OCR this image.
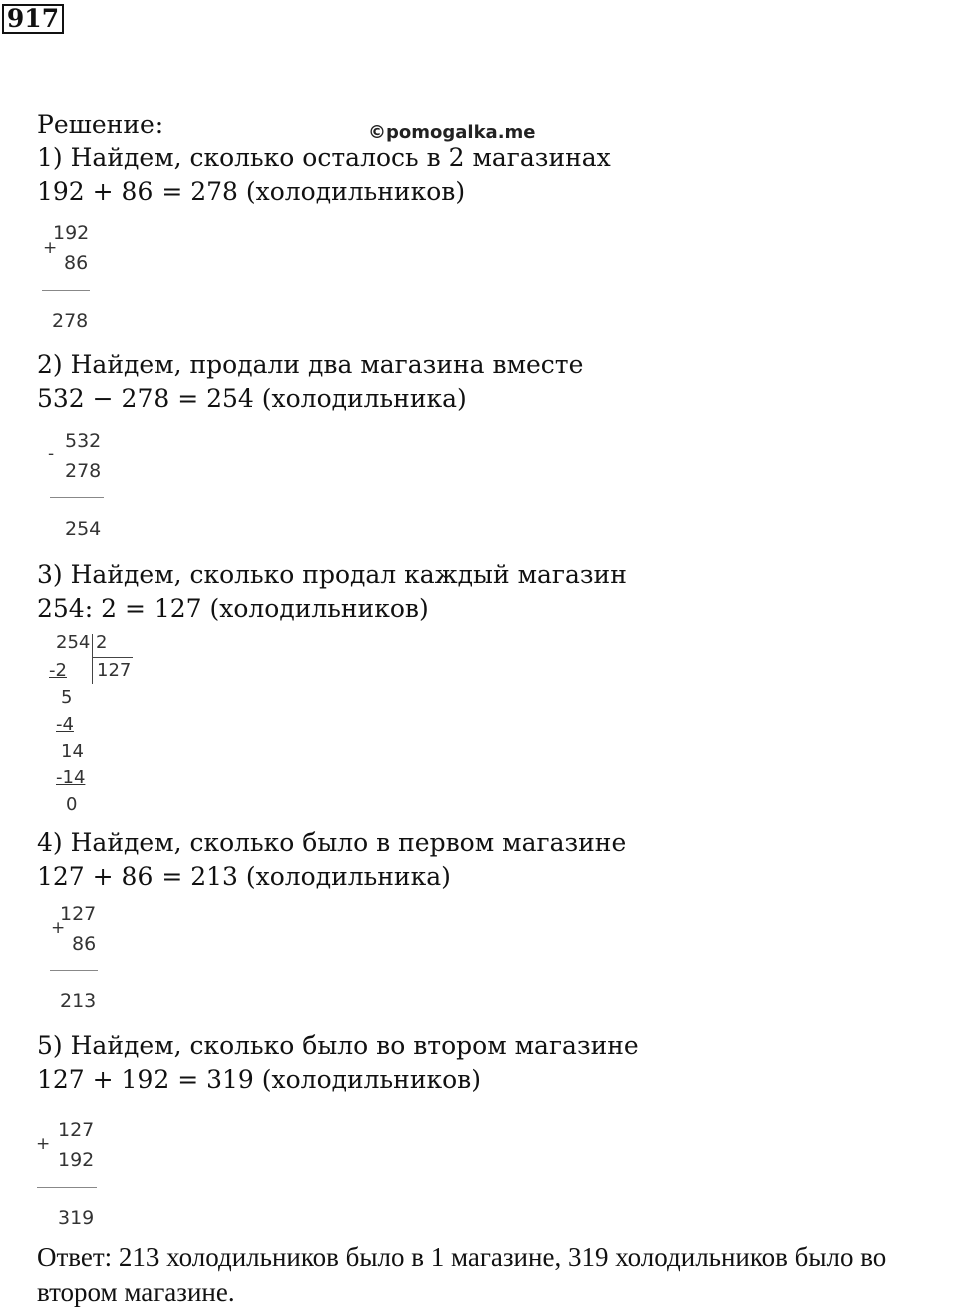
917
Решение:	©pomogalka.me
1) Найдем, сколько осталось в 2 магазинах
192 + 86 = 278 (холодильников)
+
192
86
278
2) Найдем, продали два магазина вместе
532 − 278 = 254 (холодильника)
-
532
278
254
3) Найдем, сколько продал каждый магазин
254: 2 = 127 (холодильников)
254 2
127
-2
5
-4
14
-14
0
4) Найдем, сколько было в первом магазине
127 + 86 = 213 (холодильника)
+
127
86
213
5) Найдем, сколько было во втором магазине
127 + 192 = 319 (холодильников)
+
127
192
319
Ответ: 213 холодильников было в 1 магазине, 319 холодильников было во
втором магазине.
